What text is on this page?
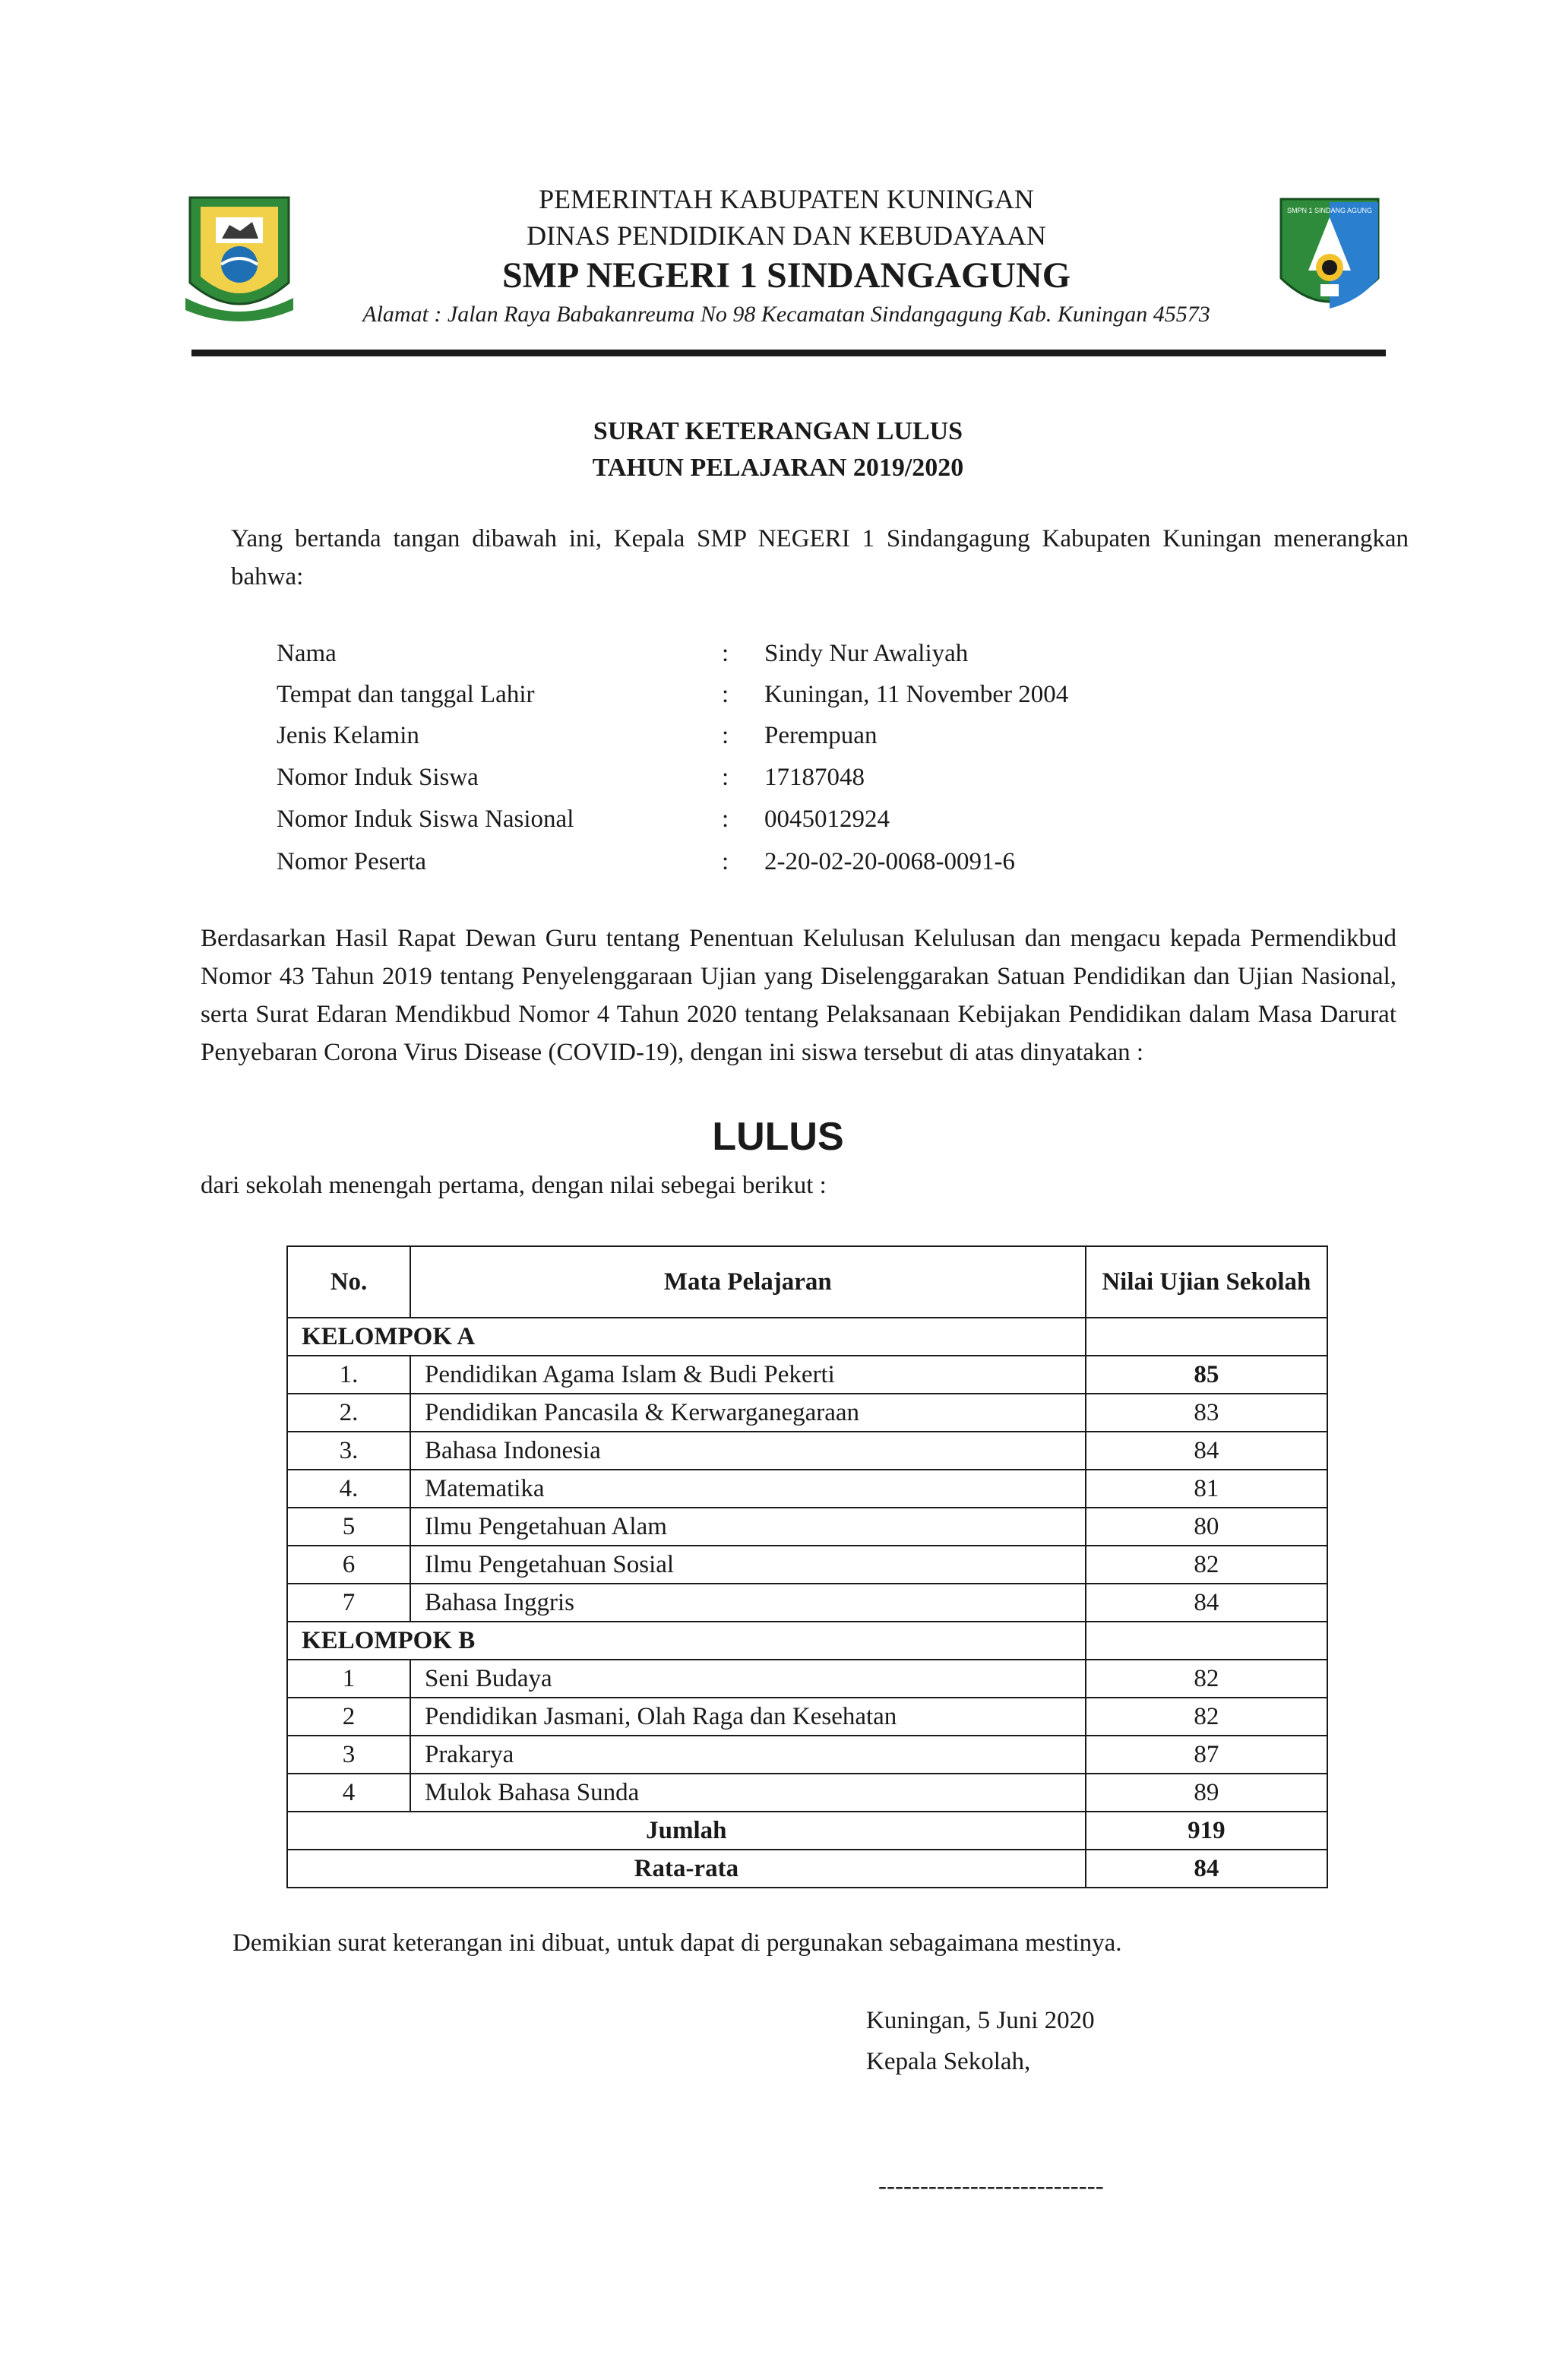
PEMERINTAH KABUPATEN KUNINGAN
DINAS PENDIDIKAN DAN KEBUDAYAAN
SMP NEGERI 1 SINDANGAGUNG
Alamat : Jalan Raya Babakanreuma No 98 Kecamatan Sindangagung Kab. Kuningan 45573
SMPN 1 SINDANG AGUNG
SURAT KETERANGAN LULUS
TAHUN PELAJARAN 2019/2020
Yang bertanda tangan dibawah ini, Kepala SMP NEGERI 1 Sindangagung Kabupaten Kuningan menerangkan bahwa:
Nama	: Sindy Nur Awaliyah
Tempat dan tanggal Lahir	: Kuningan, 11 November 2004
Jenis Kelamin	: Perempuan
Nomor Induk Siswa	: 17187048
Nomor Induk Siswa Nasional	: 0045012924
Nomor Peserta	: 2-20-02-20-0068-0091-6
Berdasarkan Hasil Rapat Dewan Guru tentang Penentuan Kelulusan Kelulusan dan mengacu kepada Permendikbud Nomor 43 Tahun 2019 tentang Penyelenggaraan Ujian yang Diselenggarakan Satuan Pendidikan dan Ujian Nasional, serta Surat Edaran Mendikbud Nomor 4 Tahun 2020 tentang Pelaksanaan Kebijakan Pendidikan dalam Masa Darurat Penyebaran Corona Virus Disease (COVID-19), dengan ini siswa tersebut di atas dinyatakan :
LULUS
dari sekolah menengah pertama, dengan nilai sebegai berikut :
No.	Mata Pelajaran	Nilai Ujian Sekolah
KELOMPOK A		
1.	Pendidikan Agama Islam & Budi Pekerti	85
2.	Pendidikan Pancasila & Kerwarganegaraan	83
3.	Bahasa Indonesia	84
4.	Matematika	81
5	Ilmu Pengetahuan Alam	80
6	Ilmu Pengetahuan Sosial	82
7	Bahasa Inggris	84
KELOMPOK B		
1	Seni Budaya	82
2	Pendidikan Jasmani, Olah Raga dan Kesehatan	82
3	Prakarya	87
4	Mulok Bahasa Sunda	89
Jumlah		919
Rata-rata		84
Demikian surat keterangan ini dibuat, untuk dapat di pergunakan sebagaimana mestinya.
Kuningan, 5 Juni 2020
Kepala Sekolah,
---------------------------
